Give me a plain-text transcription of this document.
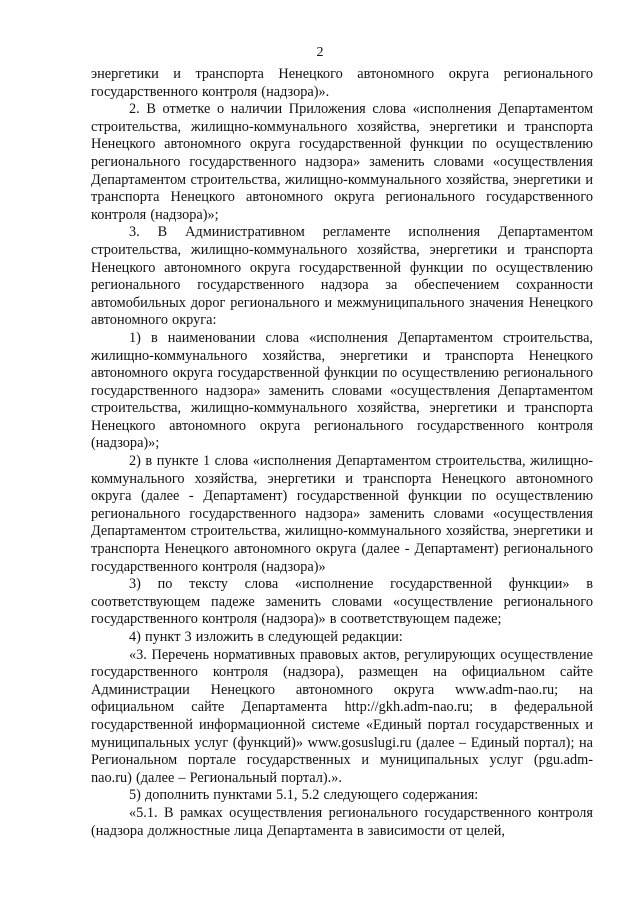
2

энергетики и транспорта Ненецкого автономного округа регионального государственного контроля (надзора)».

2. В отметке о наличии Приложения слова «исполнения Департаментом строительства, жилищно-коммунального хозяйства, энергетики и транспорта Ненецкого автономного округа государственной функции по осуществлению регионального государственного надзора» заменить словами «осуществления Департаментом строительства, жилищно-коммунального хозяйства, энергетики и транспорта Ненецкого автономного округа регионального государственного контроля (надзора)»;

3. В Административном регламенте исполнения Департаментом строительства, жилищно-коммунального хозяйства, энергетики и транспорта Ненецкого автономного округа государственной функции по осуществлению регионального государственного надзора за обеспечением сохранности автомобильных дорог регионального и межмуниципального значения Ненецкого автономного округа:

1) в наименовании слова «исполнения Департаментом строительства, жилищно-коммунального хозяйства, энергетики и транспорта Ненецкого автономного округа государственной функции по осуществлению регионального государственного надзора» заменить словами «осуществления Департаментом строительства, жилищно-коммунального хозяйства, энергетики и транспорта Ненецкого автономного округа регионального государственного контроля (надзора)»;

2) в пункте 1 слова «исполнения Департаментом строительства, жилищно-коммунального хозяйства, энергетики и транспорта Ненецкого автономного округа (далее - Департамент) государственной функции по осуществлению регионального государственного надзора» заменить словами «осуществления Департаментом строительства, жилищно-коммунального хозяйства, энергетики и транспорта Ненецкого автономного округа (далее - Департамент) регионального государственного контроля (надзора)»

3) по тексту слова «исполнение государственной функции» в соответствующем падеже заменить словами «осуществление регионального государственного контроля (надзора)» в соответствующем падеже;

4) пункт 3 изложить в следующей редакции:

«3. Перечень нормативных правовых актов, регулирующих осуществление государственного контроля (надзора), размещен на официальном сайте Администрации Ненецкого автономного округа www.adm-nao.ru; на официальном сайте Департамента http://gkh.adm-nao.ru; в федеральной государственной информационной системе «Единый портал государственных и муниципальных услуг (функций)» www.gosuslugi.ru (далее – Единый портал); на Региональном портале государственных и муниципальных услуг (pgu.adm-nao.ru) (далее – Региональный портал).».

5) дополнить пунктами 5.1, 5.2 следующего содержания:

«5.1. В рамках осуществления регионального государственного контроля (надзора должностные лица Департамента в зависимости от целей,
